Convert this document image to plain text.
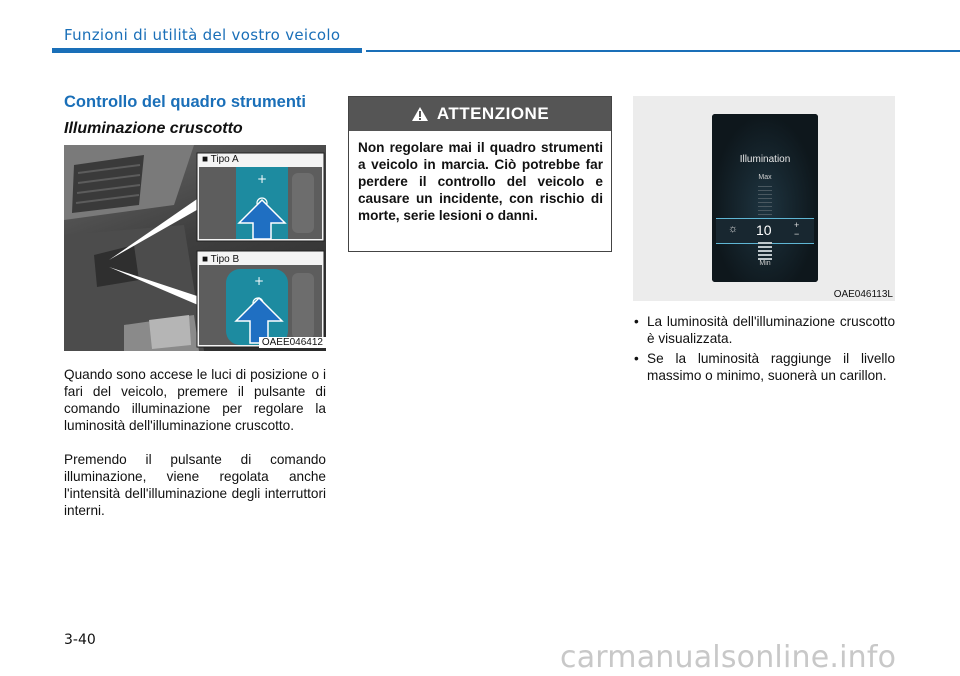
Funzioni di utilità del vostro veicolo
Controllo del quadro strumenti
Illuminazione cruscotto
+
+
■ Tipo A
■ Tipo B
OAEE046412
Quando sono accese le luci di posizione o i fari del veicolo, premere il pulsante di comando illuminazione per regolare la luminosità dell'illuminazione cruscotto.
Premendo il pulsante di comando illuminazione, viene regolata anche l'intensità dell'illuminazione degli interruttori interni.
ATTENZIONE
Non regolare mai il quadro strumenti a veicolo in marcia. Ciò potrebbe far perdere il controllo del veicolo e causare un incidente, con rischio di morte, serie lesioni o danni.
Illumination
Max
☼ 10 +
−
Min
OAE046113L
• La luminosità dell'illuminazione cruscotto è visualizzata.
• Se la luminosità raggiunge il livello massimo o minimo, suonerà un carillon.
3-40	carmanualsonline.info
